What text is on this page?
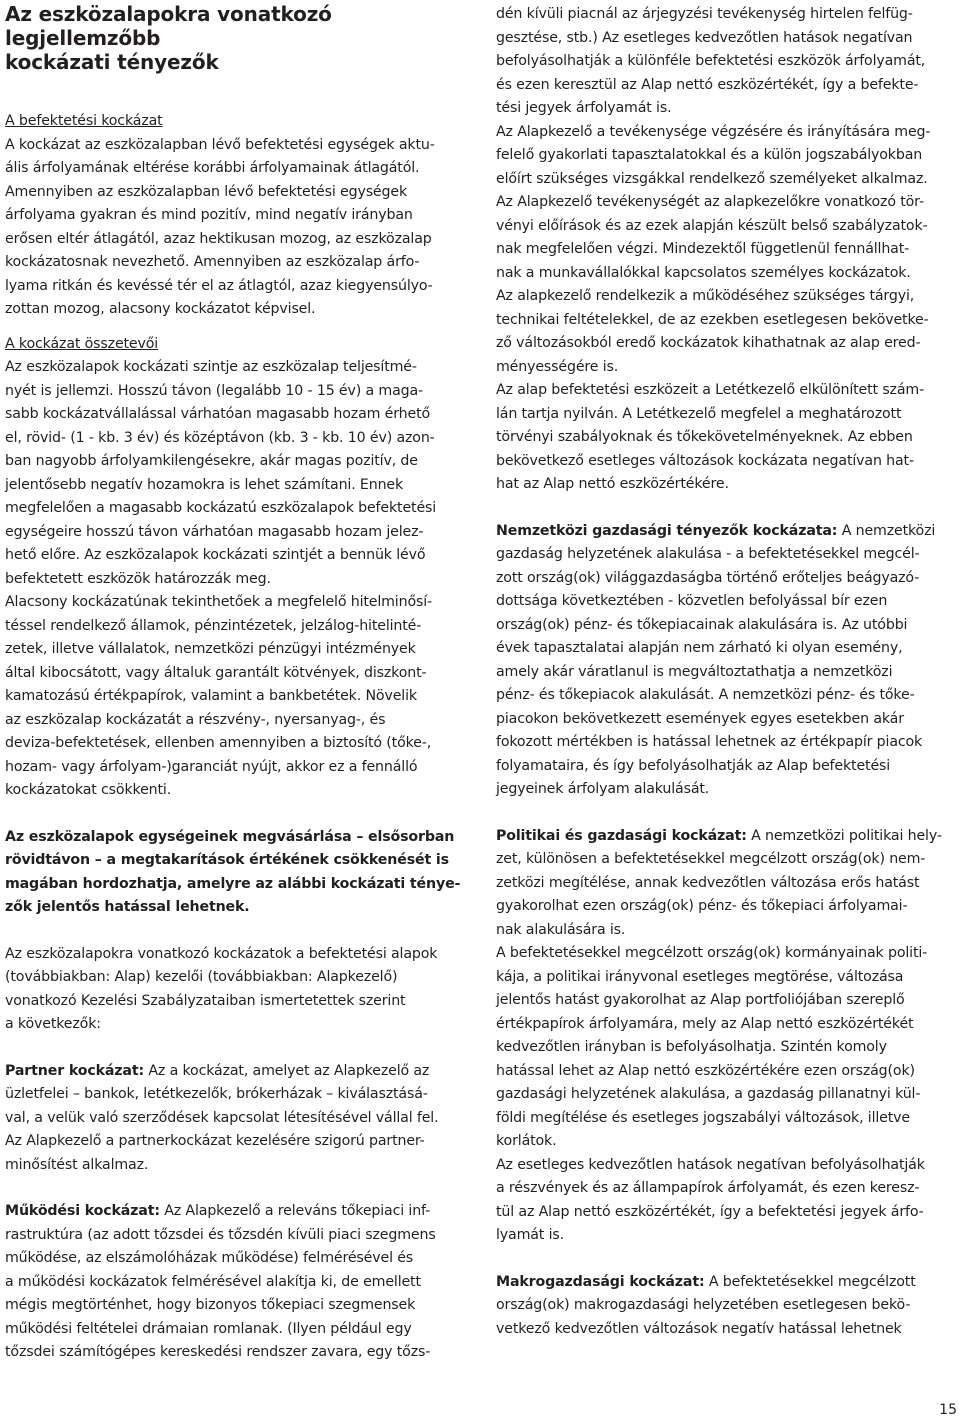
Az eszközalapokra vonatkozó legjellemzőbb
kockázati tényezők
A befektetési kockázat
A kockázat az eszközalapban lévő befektetési egységek aktu-
ális árfolyamának eltérése korábbi árfolyamainak átlagától.
Amennyiben az eszközalapban lévő befektetési egységek
árfolyama gyakran és mind pozitív, mind negatív irányban
erősen eltér átlagától, azaz hektikusan mozog, az eszközalap
kockázatosnak nevezhető. Amennyiben az eszközalap árfo-
lyama ritkán és kevéssé tér el az átlagtól, azaz kiegyensúlyo-
zottan mozog, alacsony kockázatot képvisel.
A kockázat összetevői
Az eszközalapok kockázati szintje az eszközalap teljesítmé-
nyét is jellemzi. Hosszú távon (legalább 10 - 15 év) a maga-
sabb kockázatvállalással várhatóan magasabb hozam érhető
el, rövid- (1 - kb. 3 év) és középtávon (kb. 3 - kb. 10 év) azon-
ban nagyobb árfolyamkilengésekre, akár magas pozitív, de
jelentősebb negatív hozamokra is lehet számítani. Ennek
megfelelően a magasabb kockázatú eszközalapok befektetési
egységeire hosszú távon várhatóan magasabb hozam jelez-
hető előre. Az eszközalapok kockázati szintjét a bennük lévő
befektetett eszközök határozzák meg.
Alacsony kockázatúnak tekinthetőek a megfelelő hitelminősí-
téssel rendelkező államok, pénzintézetek, jelzálog-hitelinté-
zetek, illetve vállalatok, nemzetközi pénzügyi intézmények
által kibocsátott, vagy általuk garantált kötvények, diszkont-
kamatozású értékpapírok, valamint a bankbetétek. Növelik
az eszközalap kockázatát a részvény-, nyersanyag-, és
deviza-befektetések, ellenben amennyiben a biztosító (tőke-,
hozam- vagy árfolyam-)garanciát nyújt, akkor ez a fennálló
kockázatokat csökkenti.
Az eszközalapok egységeinek megvásárlása – elsősorban
rövidtávon – a megtakarítások értékének csökkenését is
magában hordozhatja, amelyre az alábbi kockázati ténye-
zők jelentős hatással lehetnek.
Az eszközalapokra vonatkozó kockázatok a befektetési alapok
(továbbiakban: Alap) kezelői (továbbiakban: Alapkezelő)
vonatkozó Kezelési Szabályzataiban ismertetettek szerint
a következők:
Partner kockázat: Az a kockázat, amelyet az Alapkezelő az
üzletfelei – bankok, letétkezelők, brókerházak – kiválasztásá-
val, a velük való szerződések kapcsolat létesítésével vállal fel.
Az Alapkezelő a partnerkockázat kezelésére szigorú partner-
minősítést alkalmaz.
Működési kockázat: Az Alapkezelő a releváns tőkepiaci inf-
rastruktúra (az adott tőzsdei és tőzsdén kívüli piaci szegmens
működése, az elszámolóházak működése) felmérésével és
a működési kockázatok felmérésével alakítja ki, de emellett
mégis megtörténhet, hogy bizonyos tőkepiaci szegmensek
működési feltételei drámaian romlanak. (Ilyen például egy
tőzsdei számítógépes kereskedési rendszer zavara, egy tőzs-
dén kívüli piacnál az árjegyzési tevékenység hirtelen felfüg-
gesztése, stb.) Az esetleges kedvezőtlen hatások negatívan
befolyásolhatják a különféle befektetési eszközök árfolyamát,
és ezen keresztül az Alap nettó eszközértékét, így a befekte-
tési jegyek árfolyamát is.
Az Alapkezelő a tevékenysége végzésére és irányítására meg-
felelő gyakorlati tapasztalatokkal és a külön jogszabályokban
előírt szükséges vizsgákkal rendelkező személyeket alkalmaz.
Az Alapkezelő tevékenységét az alapkezelőkre vonatkozó tör-
vényi előírások és az ezek alapján készült belső szabályzatok-
nak megfelelően végzi. Mindezektől függetlenül fennállhat-
nak a munkavállalókkal kapcsolatos személyes kockázatok.
Az alapkezelő rendelkezik a működéséhez szükséges tárgyi,
technikai feltételekkel, de az ezekben esetlegesen bekövetke-
ző változásokból eredő kockázatok kihathatnak az alap ered-
ményességére is.
Az alap befektetési eszközeit a Letétkezelő elkülönített szám-
lán tartja nyilván. A Letétkezelő megfelel a meghatározott
törvényi szabályoknak és tőkekövetelményeknek. Az ebben
bekövetkező esetleges változások kockázata negatívan hat-
hat az Alap nettó eszközértékére.
Nemzetközi gazdasági tényezők kockázata: A nemzetközi
gazdaság helyzetének alakulása - a befektetésekkel megcél-
zott ország(ok) világgazdaságba történő erőteljes beágyazó-
dottsága következtében - közvetlen befolyással bír ezen
ország(ok) pénz- és tőkepiacainak alakulására is. Az utóbbi
évek tapasztalatai alapján nem zárható ki olyan esemény,
amely akár váratlanul is megváltoztathatja a nemzetközi
pénz- és tőkepiacok alakulását. A nemzetközi pénz- és tőke-
piacokon bekövetkezett események egyes esetekben akár
fokozott mértékben is hatással lehetnek az értékpapír piacok
folyamataira, és így befolyásolhatják az Alap befektetési
jegyeinek árfolyam alakulását.
Politikai és gazdasági kockázat: A nemzetközi politikai hely-
zet, különösen a befektetésekkel megcélzott ország(ok) nem-
zetközi megítélése, annak kedvezőtlen változása erős hatást
gyakorolhat ezen ország(ok) pénz- és tőkepiaci árfolyamai-
nak alakulására is.
A befektetésekkel megcélzott ország(ok) kormányainak politi-
kája, a politikai irányvonal esetleges megtörése, változása
jelentős hatást gyakorolhat az Alap portfoliójában szereplő
értékpapírok árfolyamára, mely az Alap nettó eszközértékét
kedvezőtlen irányban is befolyásolhatja. Szintén komoly
hatással lehet az Alap nettó eszközértékére ezen ország(ok)
gazdasági helyzetének alakulása, a gazdaság pillanatnyi kül-
földi megítélése és esetleges jogszabályi változások, illetve
korlátok.
Az esetleges kedvezőtlen hatások negatívan befolyásolhatják
a részvények és az állampapírok árfolyamát, és ezen keresz-
tül az Alap nettó eszközértékét, így a befektetési jegyek árfo-
lyamát is.
Makrogazdasági kockázat: A befektetésekkel megcélzott
ország(ok) makrogazdasági helyzetében esetlegesen bekö-
vetkező kedvezőtlen változások negatív hatással lehetnek
15
